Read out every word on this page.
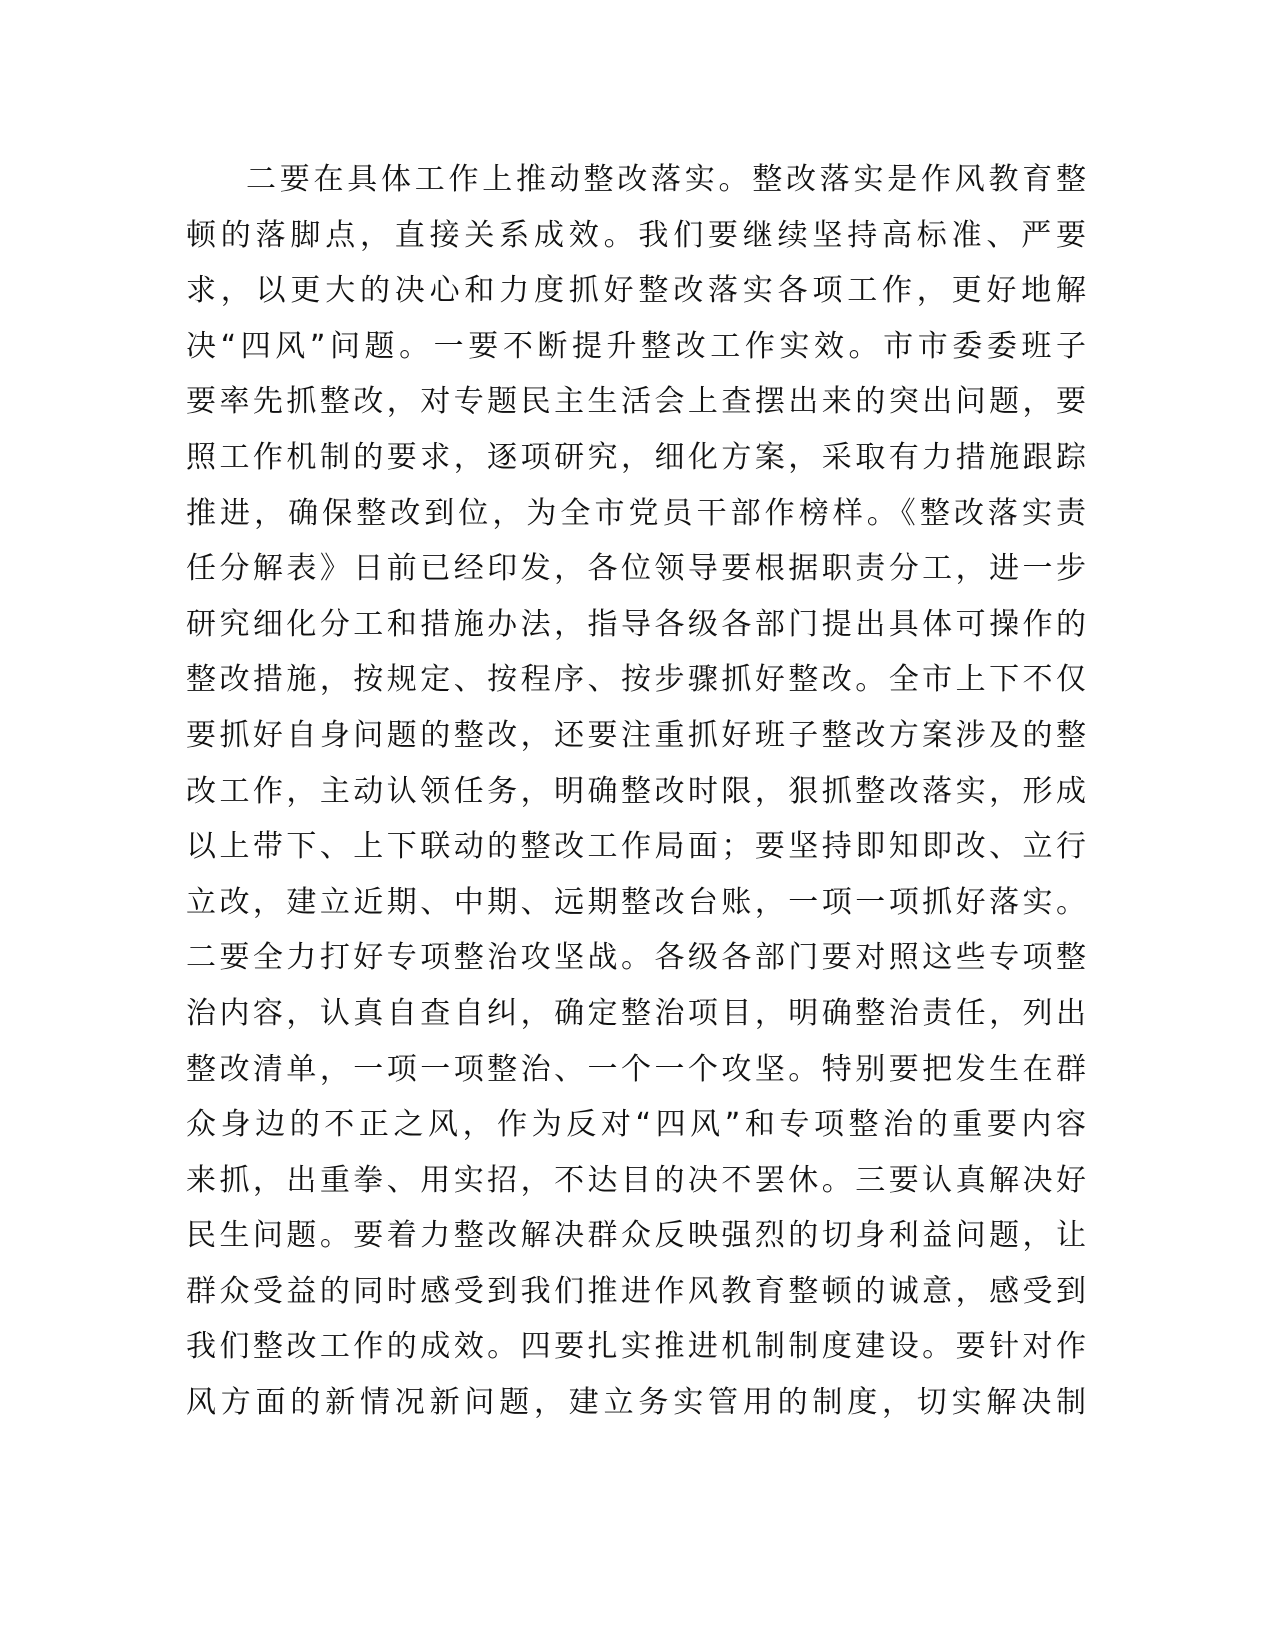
二要在具体工作上推动整改落实。整改落实是作风教育整
顿的落脚点，直接关系成效。我们要继续坚持高标准、严要
求，以更大的决心和力度抓好整改落实各项工作，更好地解
决“四风”问题。一要不断提升整改工作实效。市市委委班子
要率先抓整改，对专题民主生活会上查摆出来的突出问题，要
照工作机制的要求，逐项研究，细化方案，采取有力措施跟踪
推进，确保整改到位，为全市党员干部作榜样。《整改落实责
任分解表》日前已经印发，各位领导要根据职责分工，进一步
研究细化分工和措施办法，指导各级各部门提出具体可操作的
整改措施，按规定、按程序、按步骤抓好整改。全市上下不仅
要抓好自身问题的整改，还要注重抓好班子整改方案涉及的整
改工作，主动认领任务，明确整改时限，狠抓整改落实，形成
以上带下、上下联动的整改工作局面；要坚持即知即改、立行
立改，建立近期、中期、远期整改台账，一项一项抓好落实。
二要全力打好专项整治攻坚战。各级各部门要对照这些专项整
治内容，认真自查自纠，确定整治项目，明确整治责任，列出
整改清单，一项一项整治、一个一个攻坚。特别要把发生在群
众身边的不正之风，作为反对“四风”和专项整治的重要内容
来抓，出重拳、用实招，不达目的决不罢休。三要认真解决好
民生问题。要着力整改解决群众反映强烈的切身利益问题，让
群众受益的同时感受到我们推进作风教育整顿的诚意，感受到
我们整改工作的成效。四要扎实推进机制制度建设。要针对作
风方面的新情况新问题，建立务实管用的制度，切实解决制
